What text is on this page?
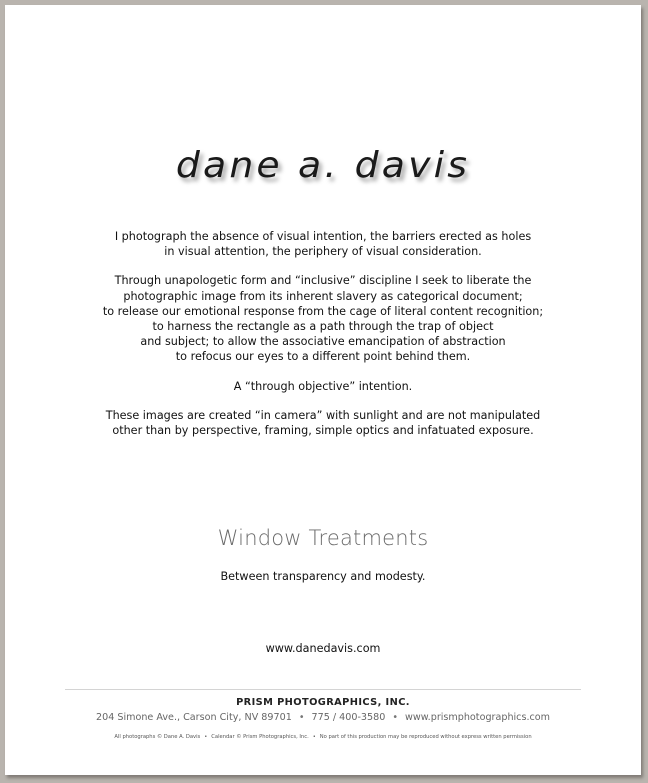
dane a. davis

I photograph the absence of visual intention, the barriers erected as holes
in visual attention, the periphery of visual consideration.

Through unapologetic form and “inclusive” discipline I seek to liberate the
photographic image from its inherent slavery as categorical document;
to release our emotional response from the cage of literal content recognition;
to harness the rectangle as a path through the trap of object
and subject; to allow the associative emancipation of abstraction
to refocus our eyes to a different point behind them.

A “through objective” intention.

These images are created “in camera” with sunlight and are not manipulated
other than by perspective, framing, simple optics and infatuated exposure.

Window Treatments
Between transparency and modesty.
www.danedavis.com
PRISM PHOTOGRAPHICS, INC.
204 Simone Ave., Carson City, NV 89701 • 775 / 400-3580 • www.prismphotographics.com
All photographs © Dane A. Davis • Calendar © Prism Photographics, Inc. • No part of this production may be reproduced without express written permission
